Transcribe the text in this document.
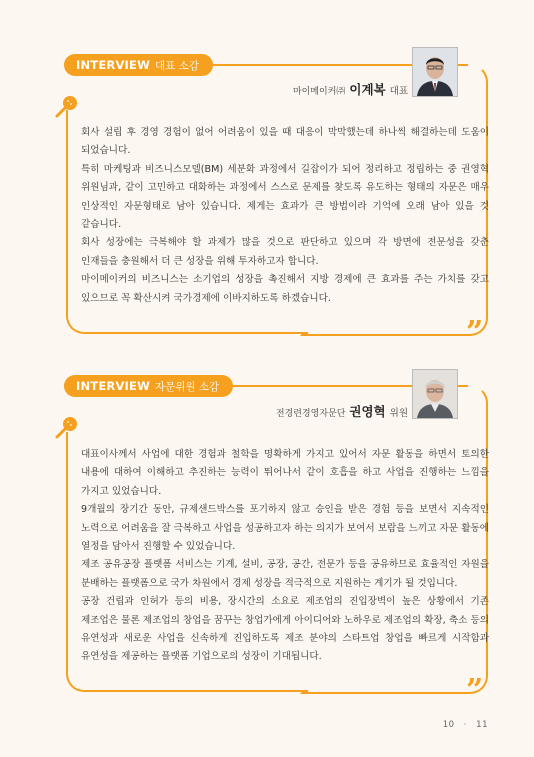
INTERVIEW 대표 소감
마이메이커㈜ 이계복 대표

회사 설립 후 경영 경험이 없어 어려움이 있을 때 대응이 막막했는데 하나씩 해결하는데 도움이 되었습니다.

특히 마케팅과 비즈니스모델(BM) 세분화 과정에서 길잡이가 되어 정리하고 정립하는 중 권영혁 위원님과, 같이 고민하고 대화하는 과정에서 스스로 문제를 찾도록 유도하는 형태의 자문은 매우 인상적인 자문형태로 남아 있습니다. 제게는 효과가 큰 방법이라 기억에 오래 남아 있을 것 같습니다.

회사 성장에는 극복해야 할 과제가 많을 것으로 판단하고 있으며 각 방면에 전문성을 갖춘 인재들을 충원해서 더 큰 성장을 위해 투자하고자 합니다.

마이메이커의 비즈니스는 소기업의 성장을 촉진해서 지방 경제에 큰 효과를 주는 가치를 갖고 있으므로 꼭 확산시켜 국가경제에 이바지하도록 하겠습니다.

”
INTERVIEW 자문위원 소감
전경련경영자문단 권영혁 위원

대표이사께서 사업에 대한 경험과 철학을 명확하게 가지고 있어서 자문 활동을 하면서 토의한 내용에 대하여 이해하고 추진하는 능력이 뛰어나서 같이 호흡을 하고 사업을 진행하는 느낌을 가지고 있었습니다.

9개월의 장기간 동안, 규제샌드박스를 포기하지 않고 승인을 받은 경험 등을 보면서 지속적인 노력으로 어려움을 잘 극복하고 사업을 성공하고자 하는 의지가 보여서 보람을 느끼고 자문 활동에 열정을 담아서 진행할 수 있었습니다.

제조 공유공장 플랫폼 서비스는 기계, 설비, 공장, 공간, 전문가 등을 공유하므로 효율적인 자원을 분배하는 플랫폼으로 국가 차원에서 경제 성장을 적극적으로 지원하는 계기가 될 것입니다.

공장 건립과 인허가 등의 비용, 장시간의 소요로 제조업의 진입장벽이 높은 상황에서 기존 제조업은 물론 제조업의 창업을 꿈꾸는 창업가에게 아이디어와 노하우로 제조업의 확장, 축소 등의 유연성과 새로운 사업을 신속하게 진입하도록 제조 분야의 스타트업 창업을 빠르게 시작함과 유연성을 제공하는 플랫폼 기업으로의 성장이 기대됩니다.

”
10 · 11
